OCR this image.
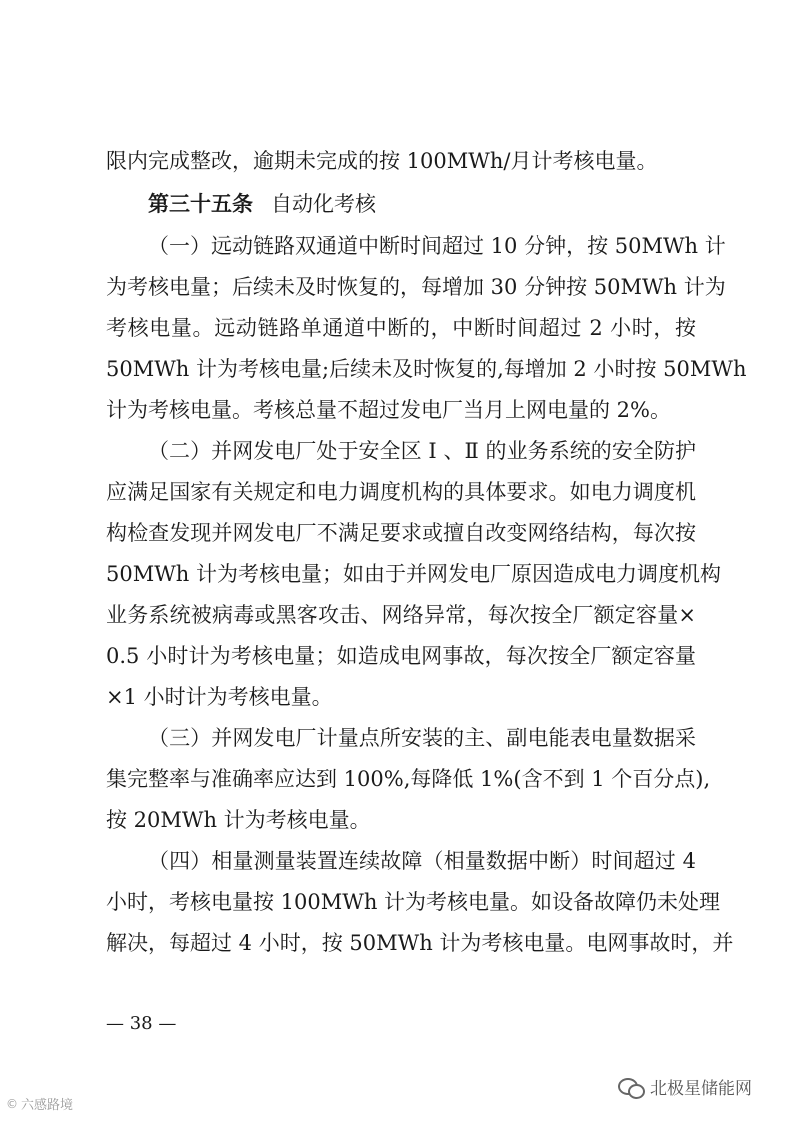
限内完成整改，逾期未完成的按 100MWh/月计考核电量。
第三十五条 自动化考核
（一）远动链路双通道中断时间超过 10 分钟，按 50MWh 计
为考核电量；后续未及时恢复的，每增加 30 分钟按 50MWh 计为
考核电量。远动链路单通道中断的，中断时间超过 2 小时，按
50MWh 计为考核电量;后续未及时恢复的,每增加 2 小时按 50MWh
计为考核电量。考核总量不超过发电厂当月上网电量的 2%。
（二）并网发电厂处于安全区 Ⅰ 、Ⅱ 的业务系统的安全防护
应满足国家有关规定和电力调度机构的具体要求。如电力调度机
构检查发现并网发电厂不满足要求或擅自改变网络结构，每次按
50MWh 计为考核电量；如由于并网发电厂原因造成电力调度机构
业务系统被病毒或黑客攻击、网络异常，每次按全厂额定容量×
0.5 小时计为考核电量；如造成电网事故，每次按全厂额定容量
×1 小时计为考核电量。
（三）并网发电厂计量点所安装的主、副电能表电量数据采
集完整率与准确率应达到 100%,每降低 1%(含不到 1 个百分点),
按 20MWh 计为考核电量。
（四）相量测量装置连续故障（相量数据中断）时间超过 4
小时，考核电量按 100MWh 计为考核电量。如设备故障仍未处理
解决，每超过 4 小时，按 50MWh 计为考核电量。电网事故时，并
— 38 —
© 六感路境
北极星储能网
